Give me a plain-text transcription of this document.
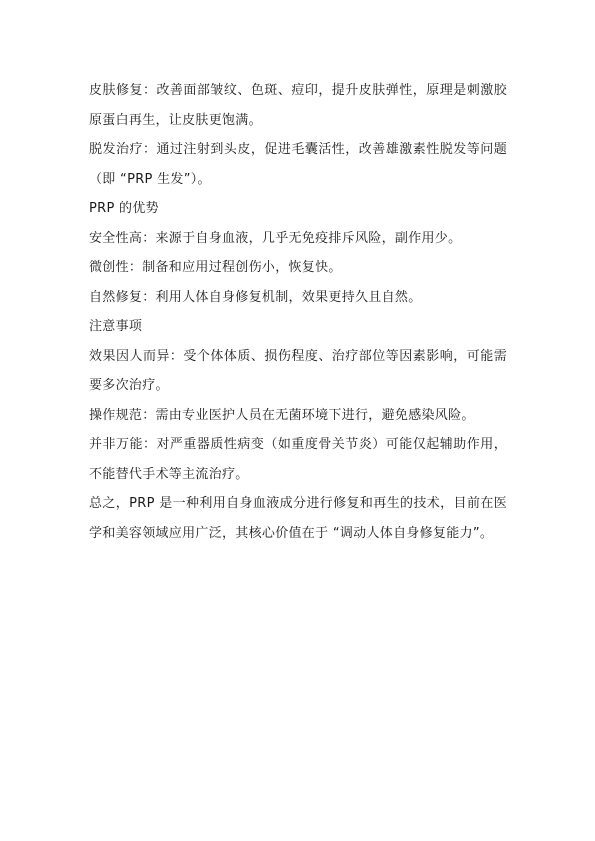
皮肤修复：改善面部皱纹、色斑、痘印，提升皮肤弹性，原理是刺激胶原蛋白再生，让皮肤更饱满。

脱发治疗：通过注射到头皮，促进毛囊活性，改善雄激素性脱发等问题（即 “PRP 生发”）。

PRP 的优势

安全性高：来源于自身血液，几乎无免疫排斥风险，副作用少。

微创性：制备和应用过程创伤小，恢复快。

自然修复：利用人体自身修复机制，效果更持久且自然。

注意事项

效果因人而异：受个体体质、损伤程度、治疗部位等因素影响，可能需要多次治疗。

操作规范：需由专业医护人员在无菌环境下进行，避免感染风险。

并非万能：对严重器质性病变（如重度骨关节炎）可能仅起辅助作用，不能替代手术等主流治疗。

总之，PRP 是一种利用自身血液成分进行修复和再生的技术，目前在医学和美容领域应用广泛，其核心价值在于 “调动人体自身修复能力”。
